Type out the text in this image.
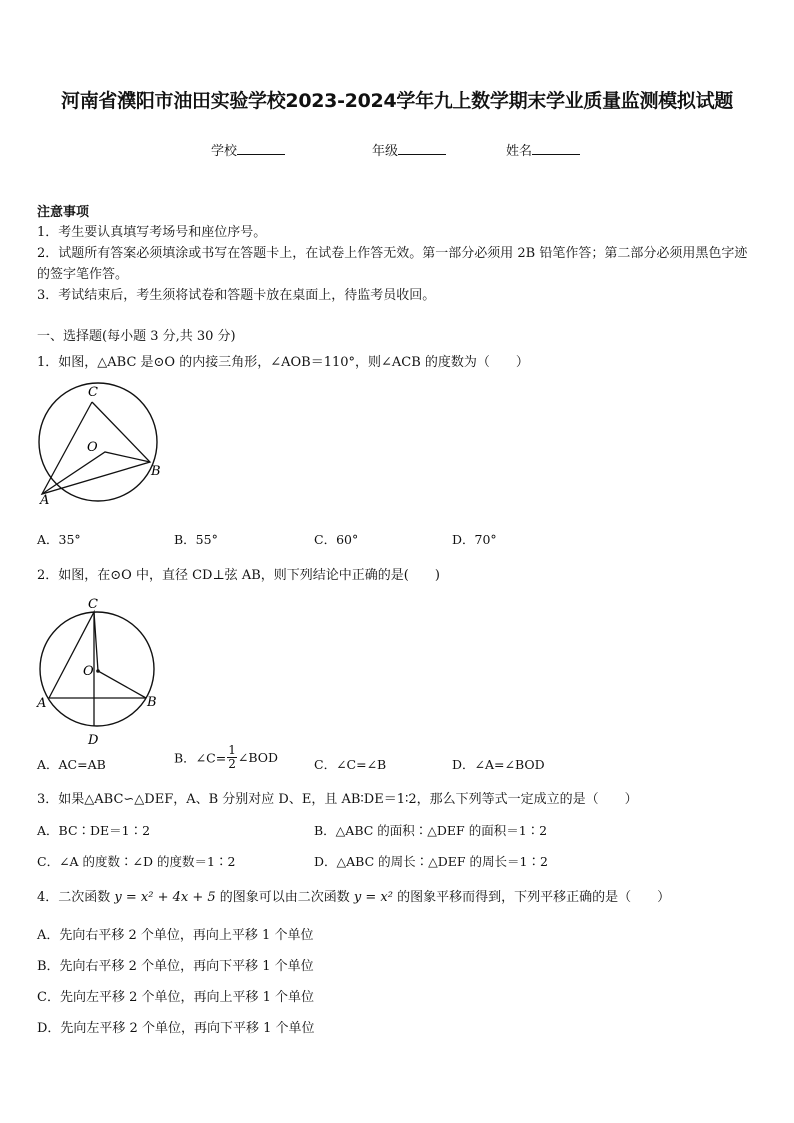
河南省濮阳市油田实验学校2023-2024学年九上数学期末学业质量监测模拟试题
学校	年级	姓名
注意事项
1．考生要认真填写考场号和座位序号。
2．试题所有答案必须填涂或书写在答题卡上，在试卷上作答无效。第一部分必须用 2B 铅笔作答；第二部分必须用黑色字迹的签字笔作答。
3．考试结束后，考生须将试卷和答题卡放在桌面上，待监考员收回。
一、选择题(每小题 3 分,共 30 分)
1．如图，△ABC 是⊙O 的内接三角形，∠AOB＝110°，则∠ACB 的度数为（　　）
C
O
B
A
A．35°	B．55°	C．60°	D．70°
2．如图，在⊙O 中，直径 CD⊥弦 AB，则下列结论中正确的是(　　)
C
O
A	B
D
A．AC=AB	B．∠C= $\frac{1}{2}$ ∠BOD	C．∠C=∠B	D．∠A=∠BOD
3．如果△ABC∽△DEF，A、B 分别对应 D、E，且 AB∶DE＝1∶2，那么下列等式一定成立的是（　　）
A．BC∶DE＝1∶2	B．△ABC 的面积∶△DEF 的面积＝1∶2
C．∠A 的度数∶∠D 的度数＝1∶2	D．△ABC 的周长∶△DEF 的周长＝1∶2
4．二次函数 y = x² + 4x + 5 的图象可以由二次函数 y = x² 的图象平移而得到，下列平移正确的是（　　）
A．先向右平移 2 个单位，再向上平移 1 个单位
B．先向右平移 2 个单位，再向下平移 1 个单位
C．先向左平移 2 个单位，再向上平移 1 个单位
D．先向左平移 2 个单位，再向下平移 1 个单位
